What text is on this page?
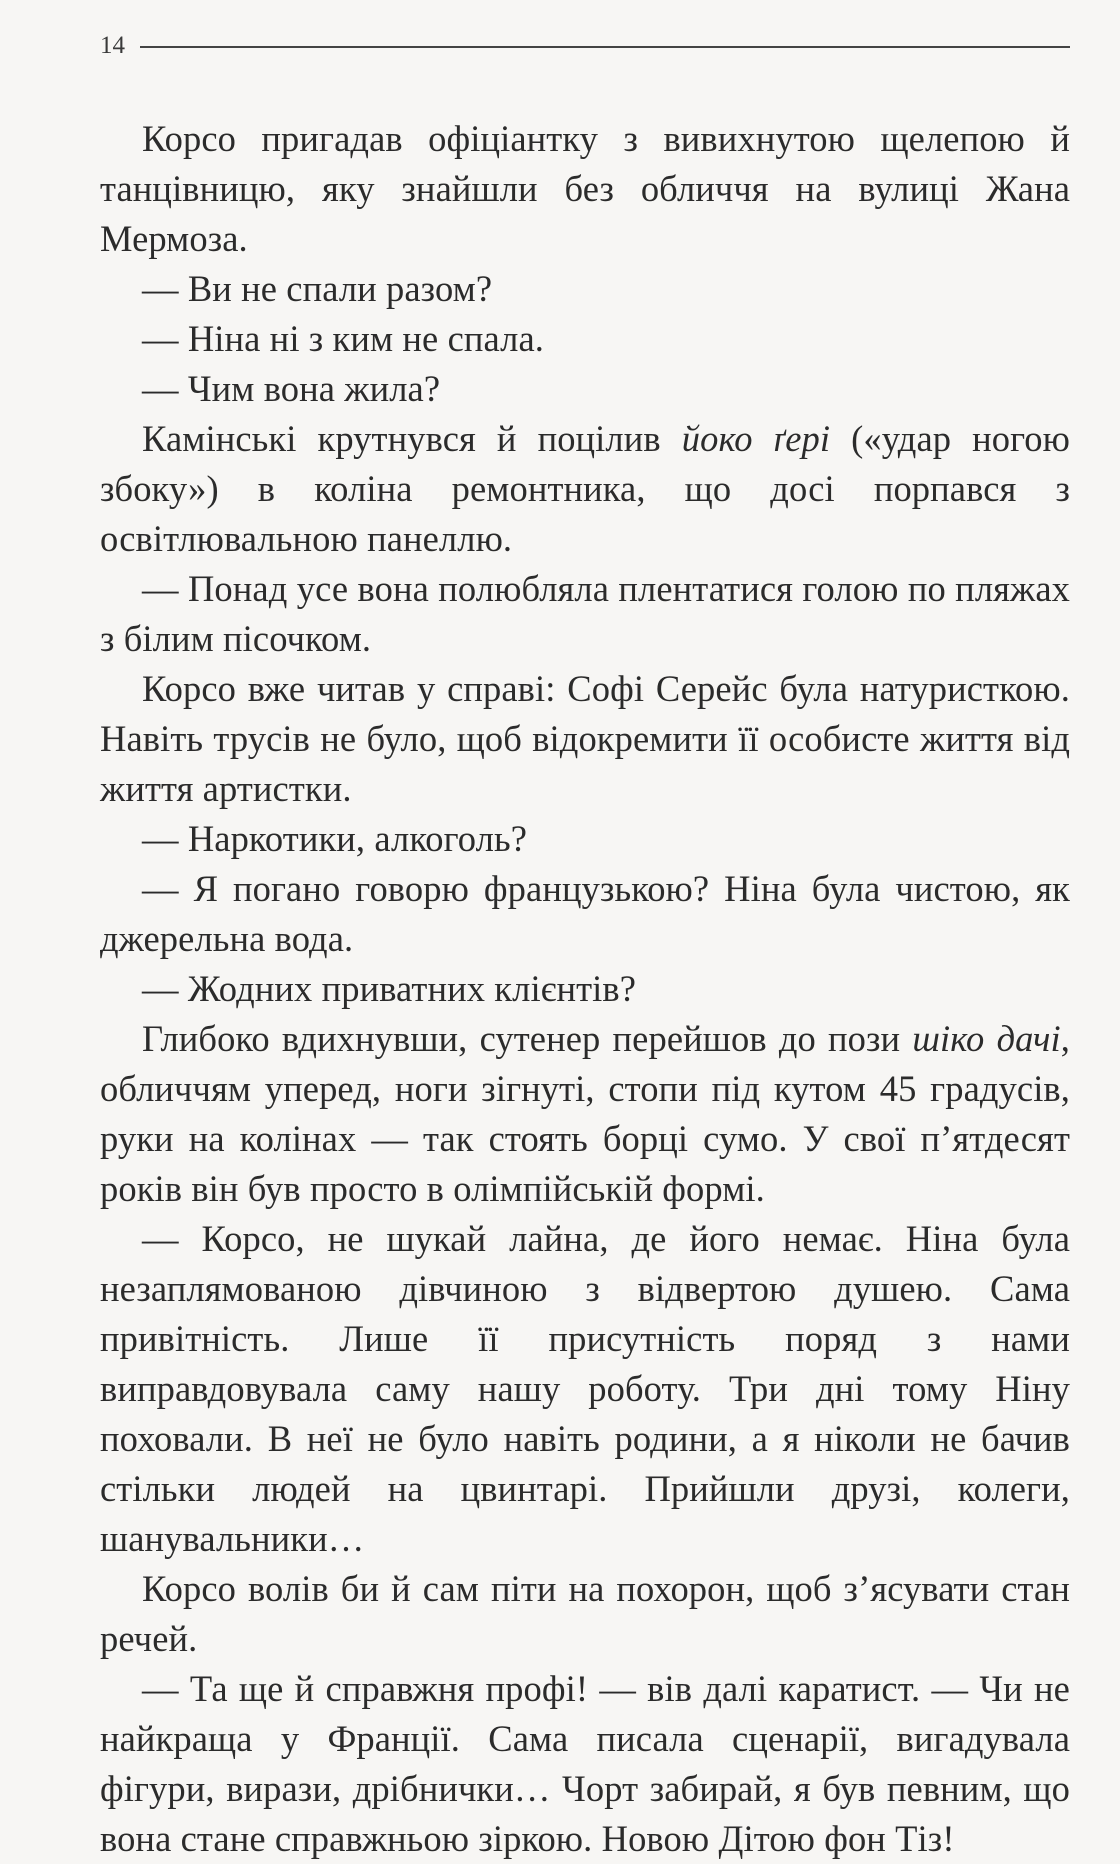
14

Корсо пригадав офіціантку з вивихнутою щелепою й танцівницю, яку знайшли без обличчя на вулиці Жана Мермоза.

— Ви не спали разом?

— Ніна ні з ким не спала.

— Чим вона жила?

Камінські крутнувся й поцілив йоко ґері («удар ногою збоку») в коліна ремонтника, що досі порпався з освітлювальною панеллю.

— Понад усе вона полюбляла плентатися голою по пляжах з білим пісочком.

Корсо вже читав у справі: Софі Серейс була натуристкою. Навіть трусів не було, щоб відокремити її особисте життя від життя артистки.

— Наркотики, алкоголь?

— Я погано говорю французькою? Ніна була чистою, як джерельна вода.

— Жодних приватних клієнтів?

Глибоко вдихнувши, сутенер перейшов до пози шіко дачі, обличчям уперед, ноги зігнуті, стопи під кутом 45 градусів, руки на колінах — так стоять борці сумо. У свої п’ятдесят років він був просто в олімпійській формі.

— Корсо, не шукай лайна, де його немає. Ніна була незаплямованою дівчиною з відвертою душею. Сама привітність. Лише її присутність поряд з нами виправдовувала саму нашу роботу. Три дні тому Ніну поховали. В неї не було навіть родини, а я ніколи не бачив стільки людей на цвинтарі. Прийшли друзі, колеги, шанувальники…

Корсо волів би й сам піти на похорон, щоб з’ясувати стан речей.

— Та ще й справжня профі! — вів далі каратист. — Чи не найкраща у Франції. Сама писала сценарії, вигадувала фігури, вирази, дрібнички… Чорт забирай, я був певним, що вона стане справжньою зіркою. Новою Дітою фон Тіз!
